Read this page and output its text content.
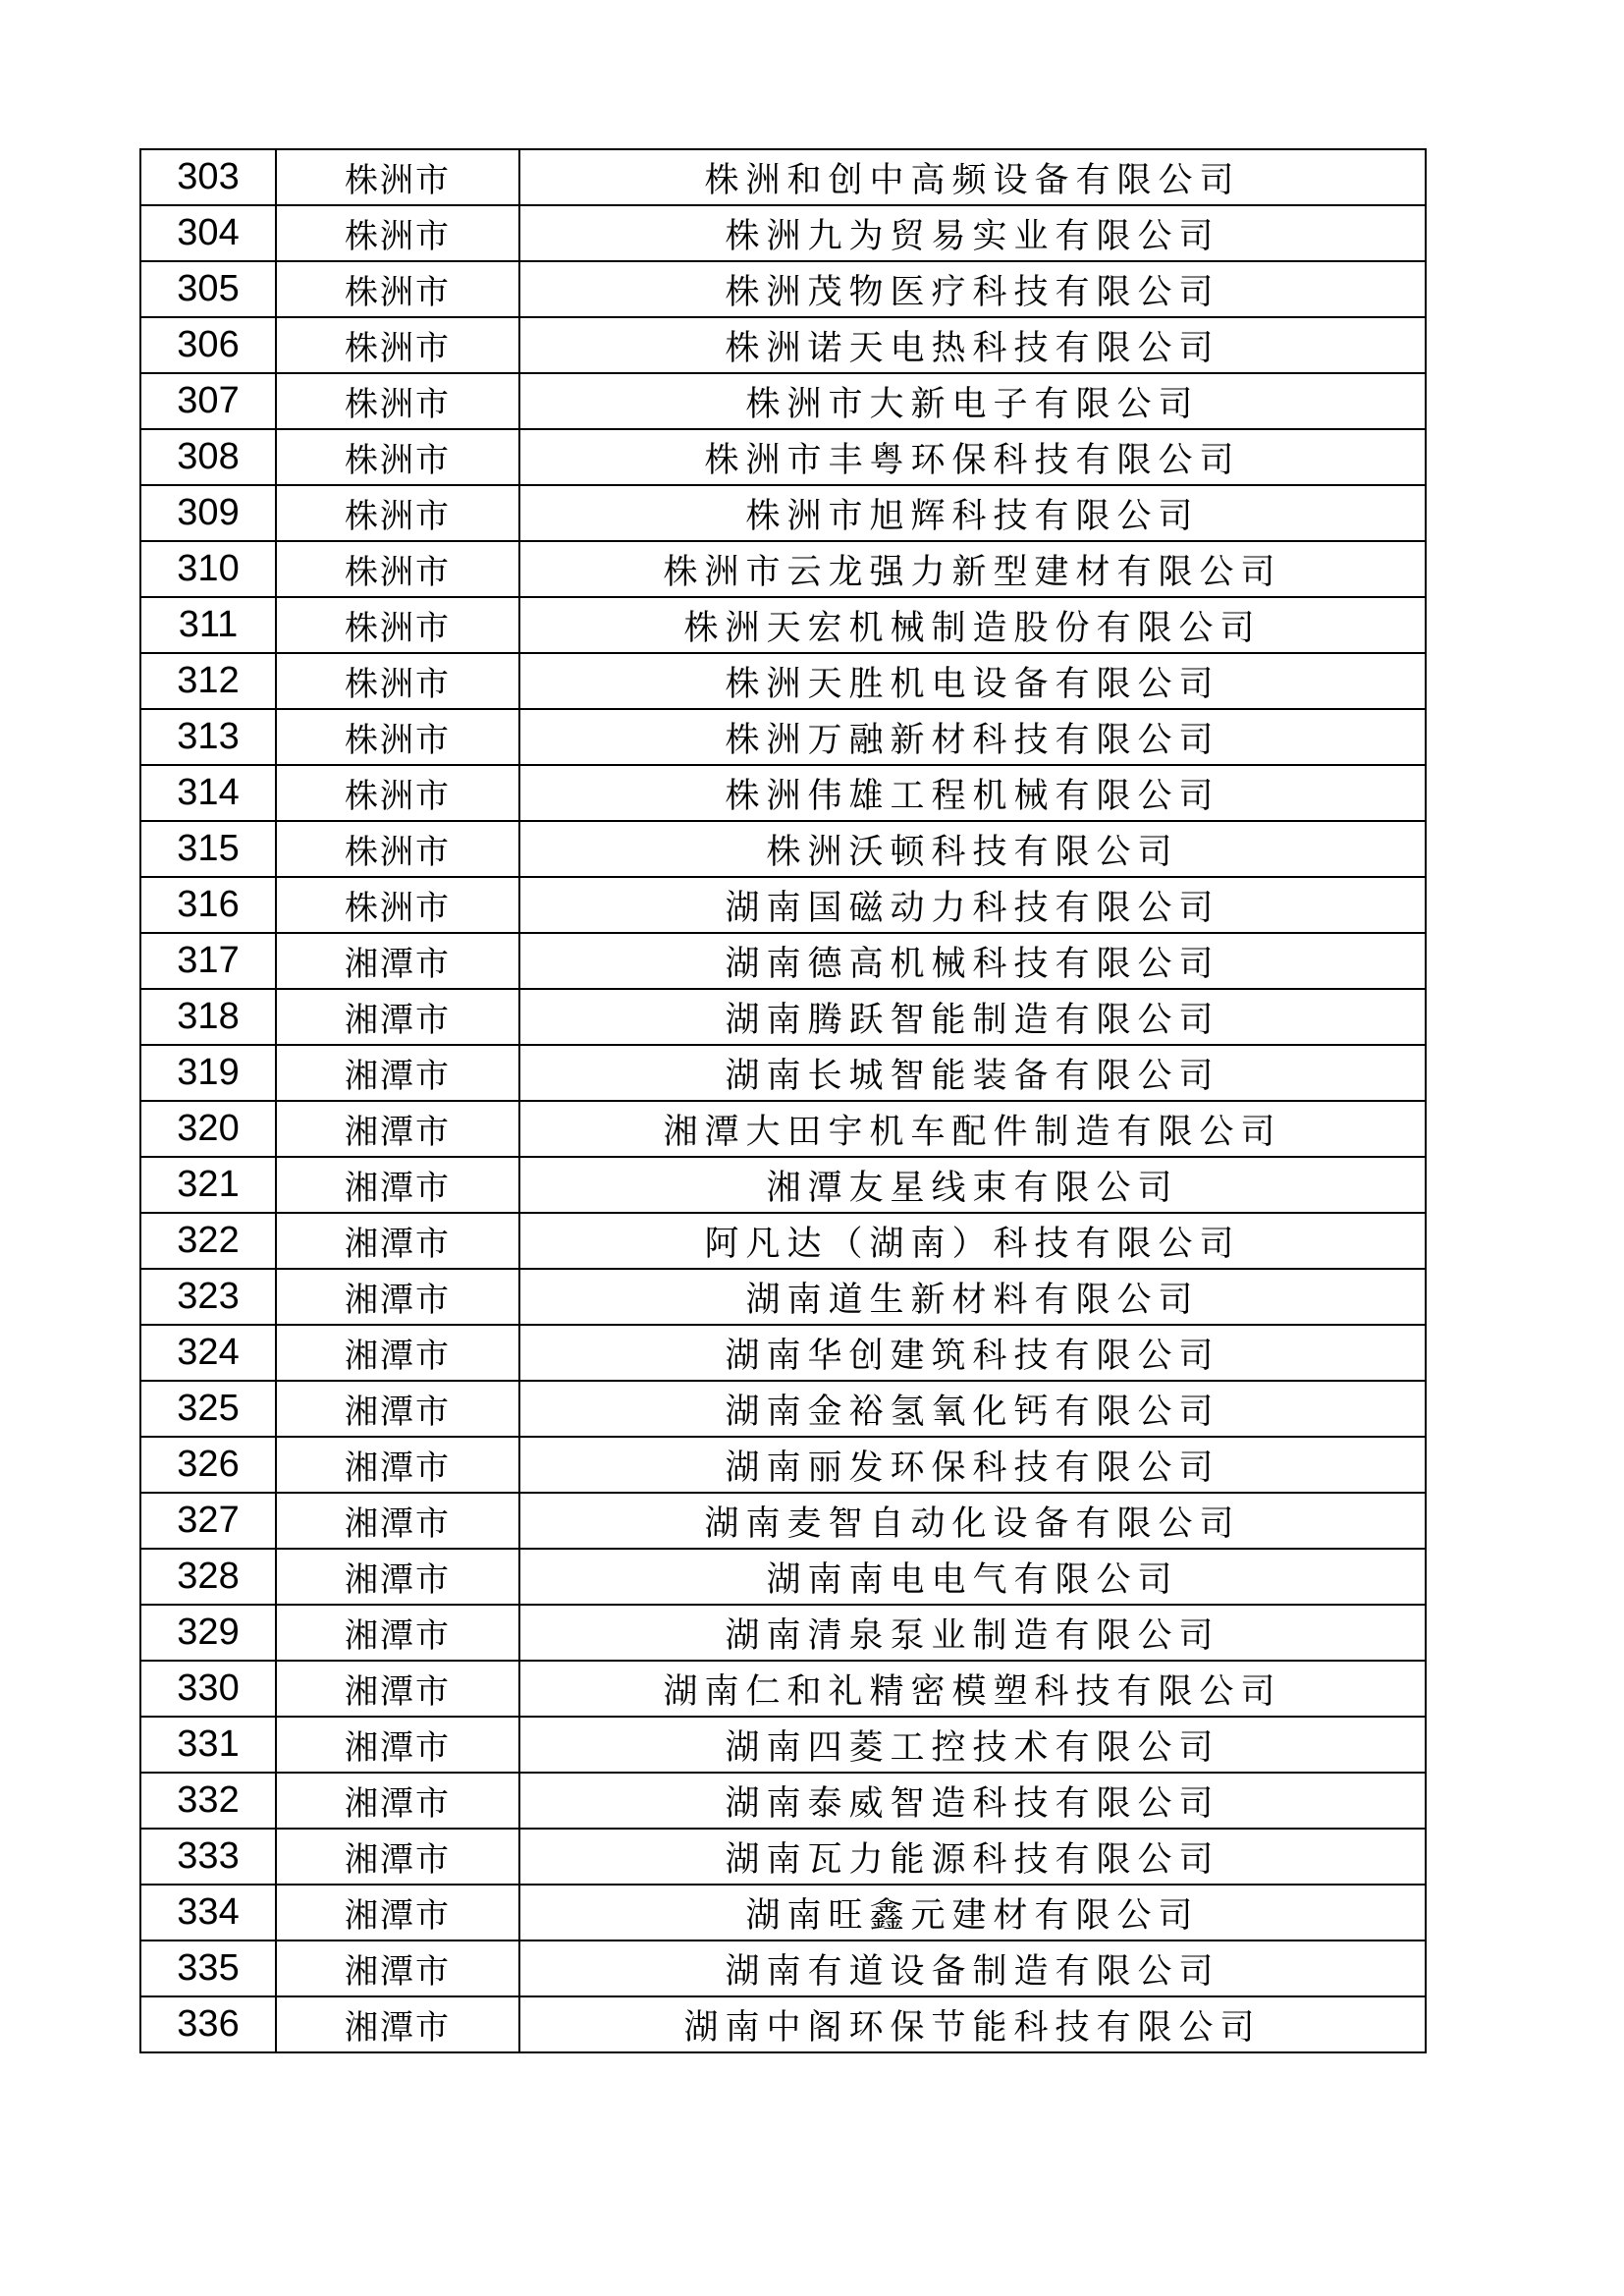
303	株洲市	株洲和创中高频设备有限公司
304	株洲市	株洲九为贸易实业有限公司
305	株洲市	株洲茂物医疗科技有限公司
306	株洲市	株洲诺天电热科技有限公司
307	株洲市	株洲市大新电子有限公司
308	株洲市	株洲市丰粤环保科技有限公司
309	株洲市	株洲市旭辉科技有限公司
310	株洲市	株洲市云龙强力新型建材有限公司
311	株洲市	株洲天宏机械制造股份有限公司
312	株洲市	株洲天胜机电设备有限公司
313	株洲市	株洲万融新材科技有限公司
314	株洲市	株洲伟雄工程机械有限公司
315	株洲市	株洲沃顿科技有限公司
316	株洲市	湖南国磁动力科技有限公司
317	湘潭市	湖南德高机械科技有限公司
318	湘潭市	湖南腾跃智能制造有限公司
319	湘潭市	湖南长城智能装备有限公司
320	湘潭市	湘潭大田宇机车配件制造有限公司
321	湘潭市	湘潭友星线束有限公司
322	湘潭市	阿凡达（湖南）科技有限公司
323	湘潭市	湖南道生新材料有限公司
324	湘潭市	湖南华创建筑科技有限公司
325	湘潭市	湖南金裕氢氧化钙有限公司
326	湘潭市	湖南丽发环保科技有限公司
327	湘潭市	湖南麦智自动化设备有限公司
328	湘潭市	湖南南电电气有限公司
329	湘潭市	湖南清泉泵业制造有限公司
330	湘潭市	湖南仁和礼精密模塑科技有限公司
331	湘潭市	湖南四菱工控技术有限公司
332	湘潭市	湖南泰威智造科技有限公司
333	湘潭市	湖南瓦力能源科技有限公司
334	湘潭市	湖南旺鑫元建材有限公司
335	湘潭市	湖南有道设备制造有限公司
336	湘潭市	湖南中阁环保节能科技有限公司
